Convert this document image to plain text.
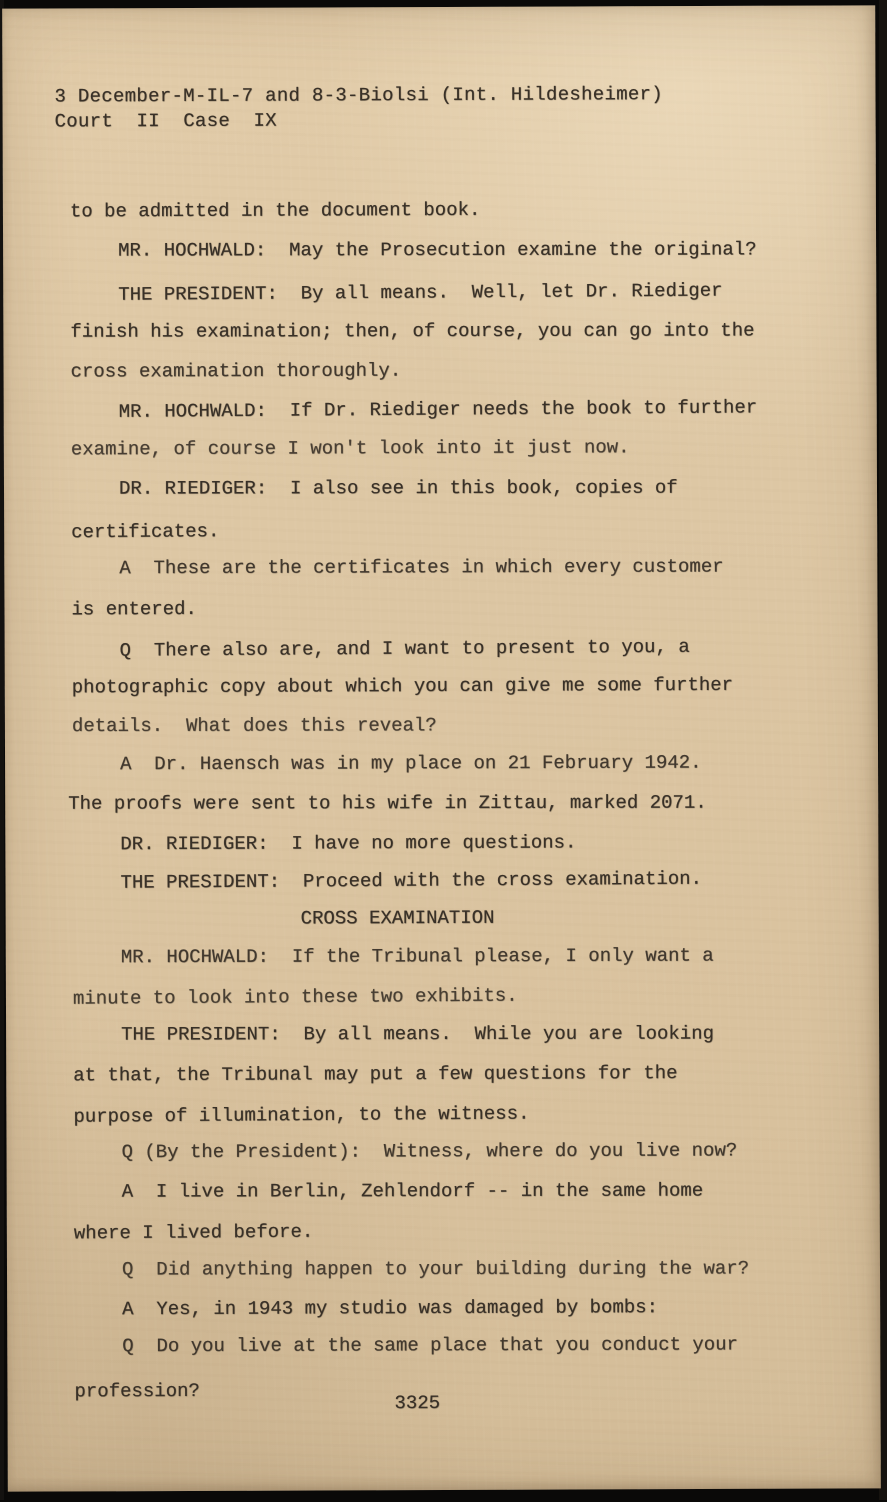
3 December-M-IL-7 and 8-3-Biolsi (Int. Hildesheimer)
Court  II  Case  IX
to be admitted in the document book.
MR. HOCHWALD:  May the Prosecution examine the original?
THE PRESIDENT:  By all means.  Well, let Dr. Riediger
finish his examination; then, of course, you can go into the
cross examination thoroughly.
MR. HOCHWALD:  If Dr. Riediger needs the book to further
examine, of course I won't look into it just now.
DR. RIEDIGER:  I also see in this book, copies of
certificates.
A  These are the certificates in which every customer
is entered.
Q  There also are, and I want to present to you, a
photographic copy about which you can give me some further
details.  What does this reveal?
A  Dr. Haensch was in my place on 21 February 1942.
The proofs were sent to his wife in Zittau, marked 2071.
DR. RIEDIGER:  I have no more questions.
THE PRESIDENT:  Proceed with the cross examination.
CROSS EXAMINATION
MR. HOCHWALD:  If the Tribunal please, I only want a
minute to look into these two exhibits.
THE PRESIDENT:  By all means.  While you are looking
at that, the Tribunal may put a few questions for the
purpose of illumination, to the witness.
Q (By the President):  Witness, where do you live now?
A  I live in Berlin, Zehlendorf -- in the same home
where I lived before.
Q  Did anything happen to your building during the war?
A  Yes, in 1943 my studio was damaged by bombs:
Q  Do you live at the same place that you conduct your
profession?
3325
